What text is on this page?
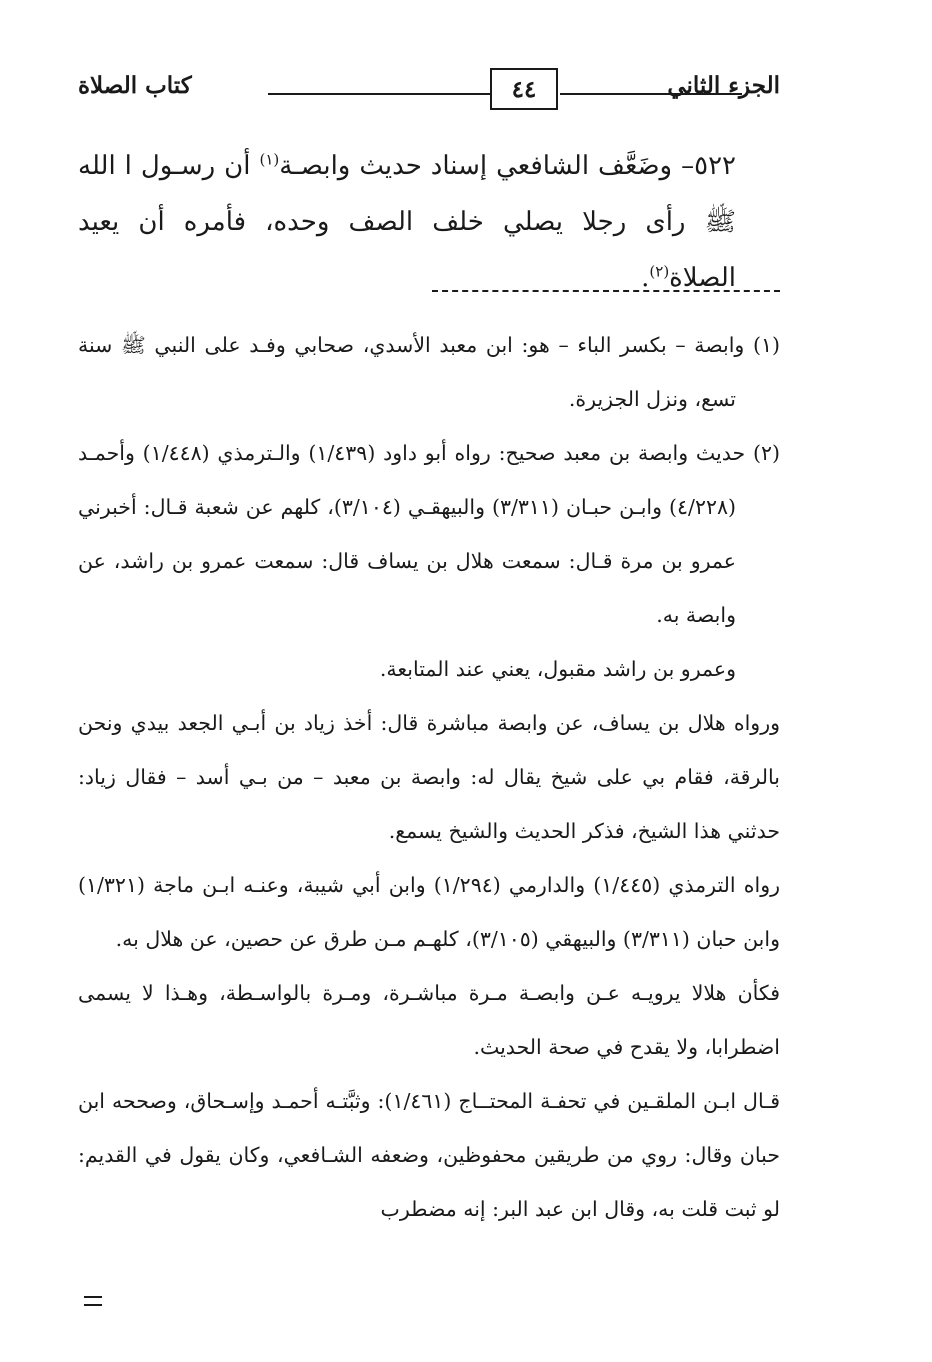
الجزء الثاني
٤٤
كتاب الصلاة

٥٢٢– وضَعَّف الشافعي إسناد حديث وابصـة$^{(١)}$ أن رسـول ا الله ﷺ رأى رجلا يصلي خلف الصف وحده، فأمره أن يعيد الصلاة$^{(٢)}$.

(١) وابصة – بكسر الباء – هو: ابن معبد الأسدي، صحابي وفـد على النبي ﷺ سنة تسع، ونزل الجزيرة.

(٢) حديث وابصة بن معبد صحيح: رواه أبو داود (١/٤٣٩) والـترمذي (١/٤٤٨) وأحمـد (٤/٢٢٨) وابـن حبـان (٣/٣١١) والبيهقـي (٣/١٠٤)، كلهم عن شعبة قـال: أخبرني عمرو بن مرة قـال: سمعت هلال بن يساف قال: سمعت عمرو بن راشد، عن وابصة به.

وعمرو بن راشد مقبول، يعني عند المتابعة.

ورواه هلال بن يساف، عن وابصة مباشرة قال: أخذ زياد بن أبـي الجعد بيدي ونحن بالرقة، فقام بي على شيخ يقال له: وابصة بن معبد – من بـي أسد – فقال زياد: حدثني هذا الشيخ، فذكر الحديث والشيخ يسمع.

رواه الترمذي (١/٤٤٥) والدارمي (١/٢٩٤) وابن أبي شيبة، وعنـه ابـن ماجة (١/٣٢١) وابن حبان (٣/٣١١) والبيهقي (٣/١٠٥)، كلهـم مـن طرق عن حصين، عن هلال به.

فكأن هلالا يرويـه عـن وابصـة مـرة مباشـرة، ومـرة بالواسـطة، وهـذا لا يسمى اضطرابا، ولا يقدح في صحة الحديث.

قـال ابـن الملقـين في تحفـة المحتــاج (١/٤٦١): وثبَّتـه أحمـد وإسـحاق، وصححه ابن حبان وقال: روي من طريقين محفوظين، وضعفه الشـافعي، وكان يقول في القديم: لو ثبت قلت به، وقال ابن عبد البر: إنه مضطرب
